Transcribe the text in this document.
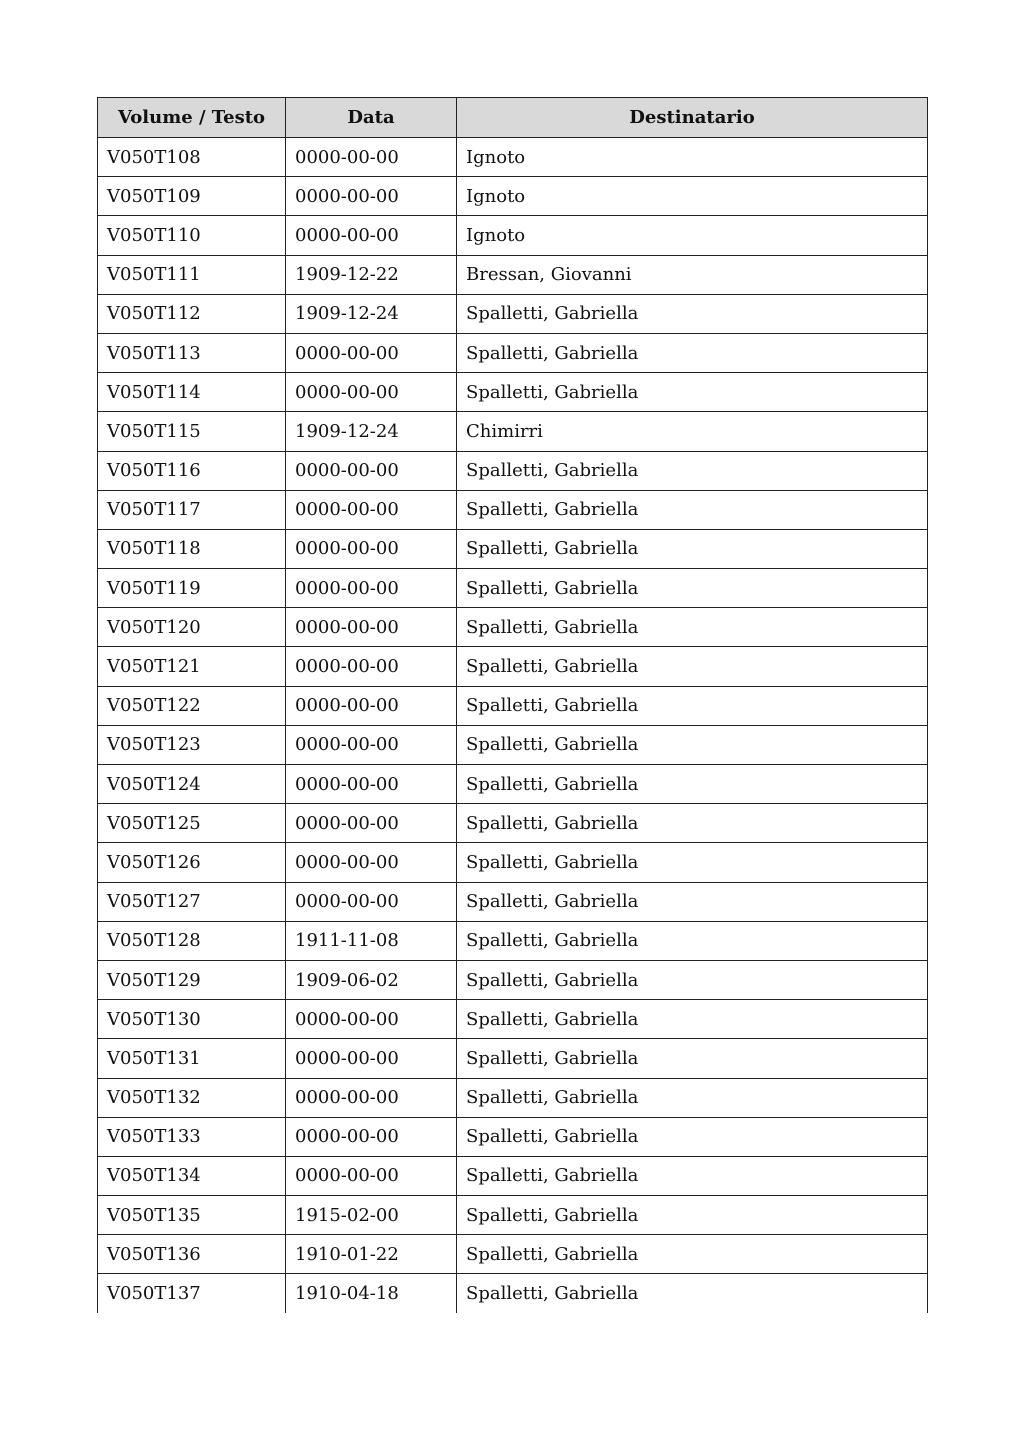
Volume / Testo	Data	Destinatario
V050T108	0000-00-00	Ignoto
V050T109	0000-00-00	Ignoto
V050T110	0000-00-00	Ignoto
V050T111	1909-12-22	Bressan, Giovanni
V050T112	1909-12-24	Spalletti, Gabriella
V050T113	0000-00-00	Spalletti, Gabriella
V050T114	0000-00-00	Spalletti, Gabriella
V050T115	1909-12-24	Chimirri
V050T116	0000-00-00	Spalletti, Gabriella
V050T117	0000-00-00	Spalletti, Gabriella
V050T118	0000-00-00	Spalletti, Gabriella
V050T119	0000-00-00	Spalletti, Gabriella
V050T120	0000-00-00	Spalletti, Gabriella
V050T121	0000-00-00	Spalletti, Gabriella
V050T122	0000-00-00	Spalletti, Gabriella
V050T123	0000-00-00	Spalletti, Gabriella
V050T124	0000-00-00	Spalletti, Gabriella
V050T125	0000-00-00	Spalletti, Gabriella
V050T126	0000-00-00	Spalletti, Gabriella
V050T127	0000-00-00	Spalletti, Gabriella
V050T128	1911-11-08	Spalletti, Gabriella
V050T129	1909-06-02	Spalletti, Gabriella
V050T130	0000-00-00	Spalletti, Gabriella
V050T131	0000-00-00	Spalletti, Gabriella
V050T132	0000-00-00	Spalletti, Gabriella
V050T133	0000-00-00	Spalletti, Gabriella
V050T134	0000-00-00	Spalletti, Gabriella
V050T135	1915-02-00	Spalletti, Gabriella
V050T136	1910-01-22	Spalletti, Gabriella
V050T137	1910-04-18	Spalletti, Gabriella
